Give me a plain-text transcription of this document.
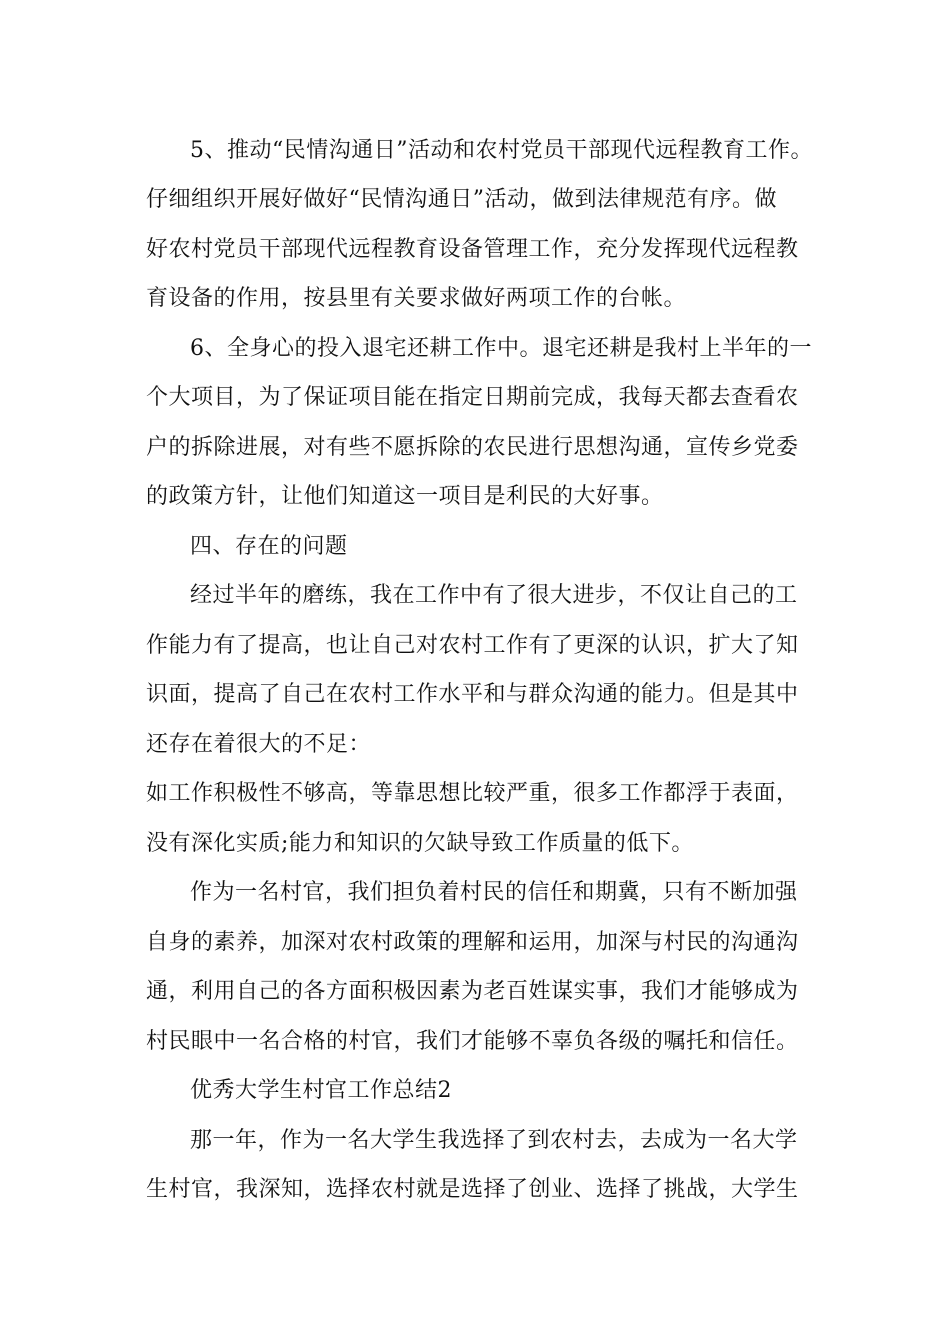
5、推动“民情沟通日”活动和农村党员干部现代远程教育工作。
仔细组织开展好做好“民情沟通日”活动，做到法律规范有序。做
好农村党员干部现代远程教育设备管理工作，充分发挥现代远程教
育设备的作用，按县里有关要求做好两项工作的台帐。
6、全身心的投入退宅还耕工作中。退宅还耕是我村上半年的一
个大项目，为了保证项目能在指定日期前完成，我每天都去查看农
户的拆除进展，对有些不愿拆除的农民进行思想沟通，宣传乡党委
的政策方针，让他们知道这一项目是利民的大好事。
四、存在的问题
经过半年的磨练，我在工作中有了很大进步，不仅让自己的工
作能力有了提高，也让自己对农村工作有了更深的认识，扩大了知
识面，提高了自己在农村工作水平和与群众沟通的能力。但是其中
还存在着很大的不足：
如工作积极性不够高，等靠思想比较严重，很多工作都浮于表面，
没有深化实质;能力和知识的欠缺导致工作质量的低下。
作为一名村官，我们担负着村民的信任和期冀，只有不断加强
自身的素养，加深对农村政策的理解和运用，加深与村民的沟通沟
通，利用自己的各方面积极因素为老百姓谋实事，我们才能够成为
村民眼中一名合格的村官，我们才能够不辜负各级的嘱托和信任。
优秀大学生村官工作总结2
那一年，作为一名大学生我选择了到农村去，去成为一名大学
生村官，我深知，选择农村就是选择了创业、选择了挑战，大学生
